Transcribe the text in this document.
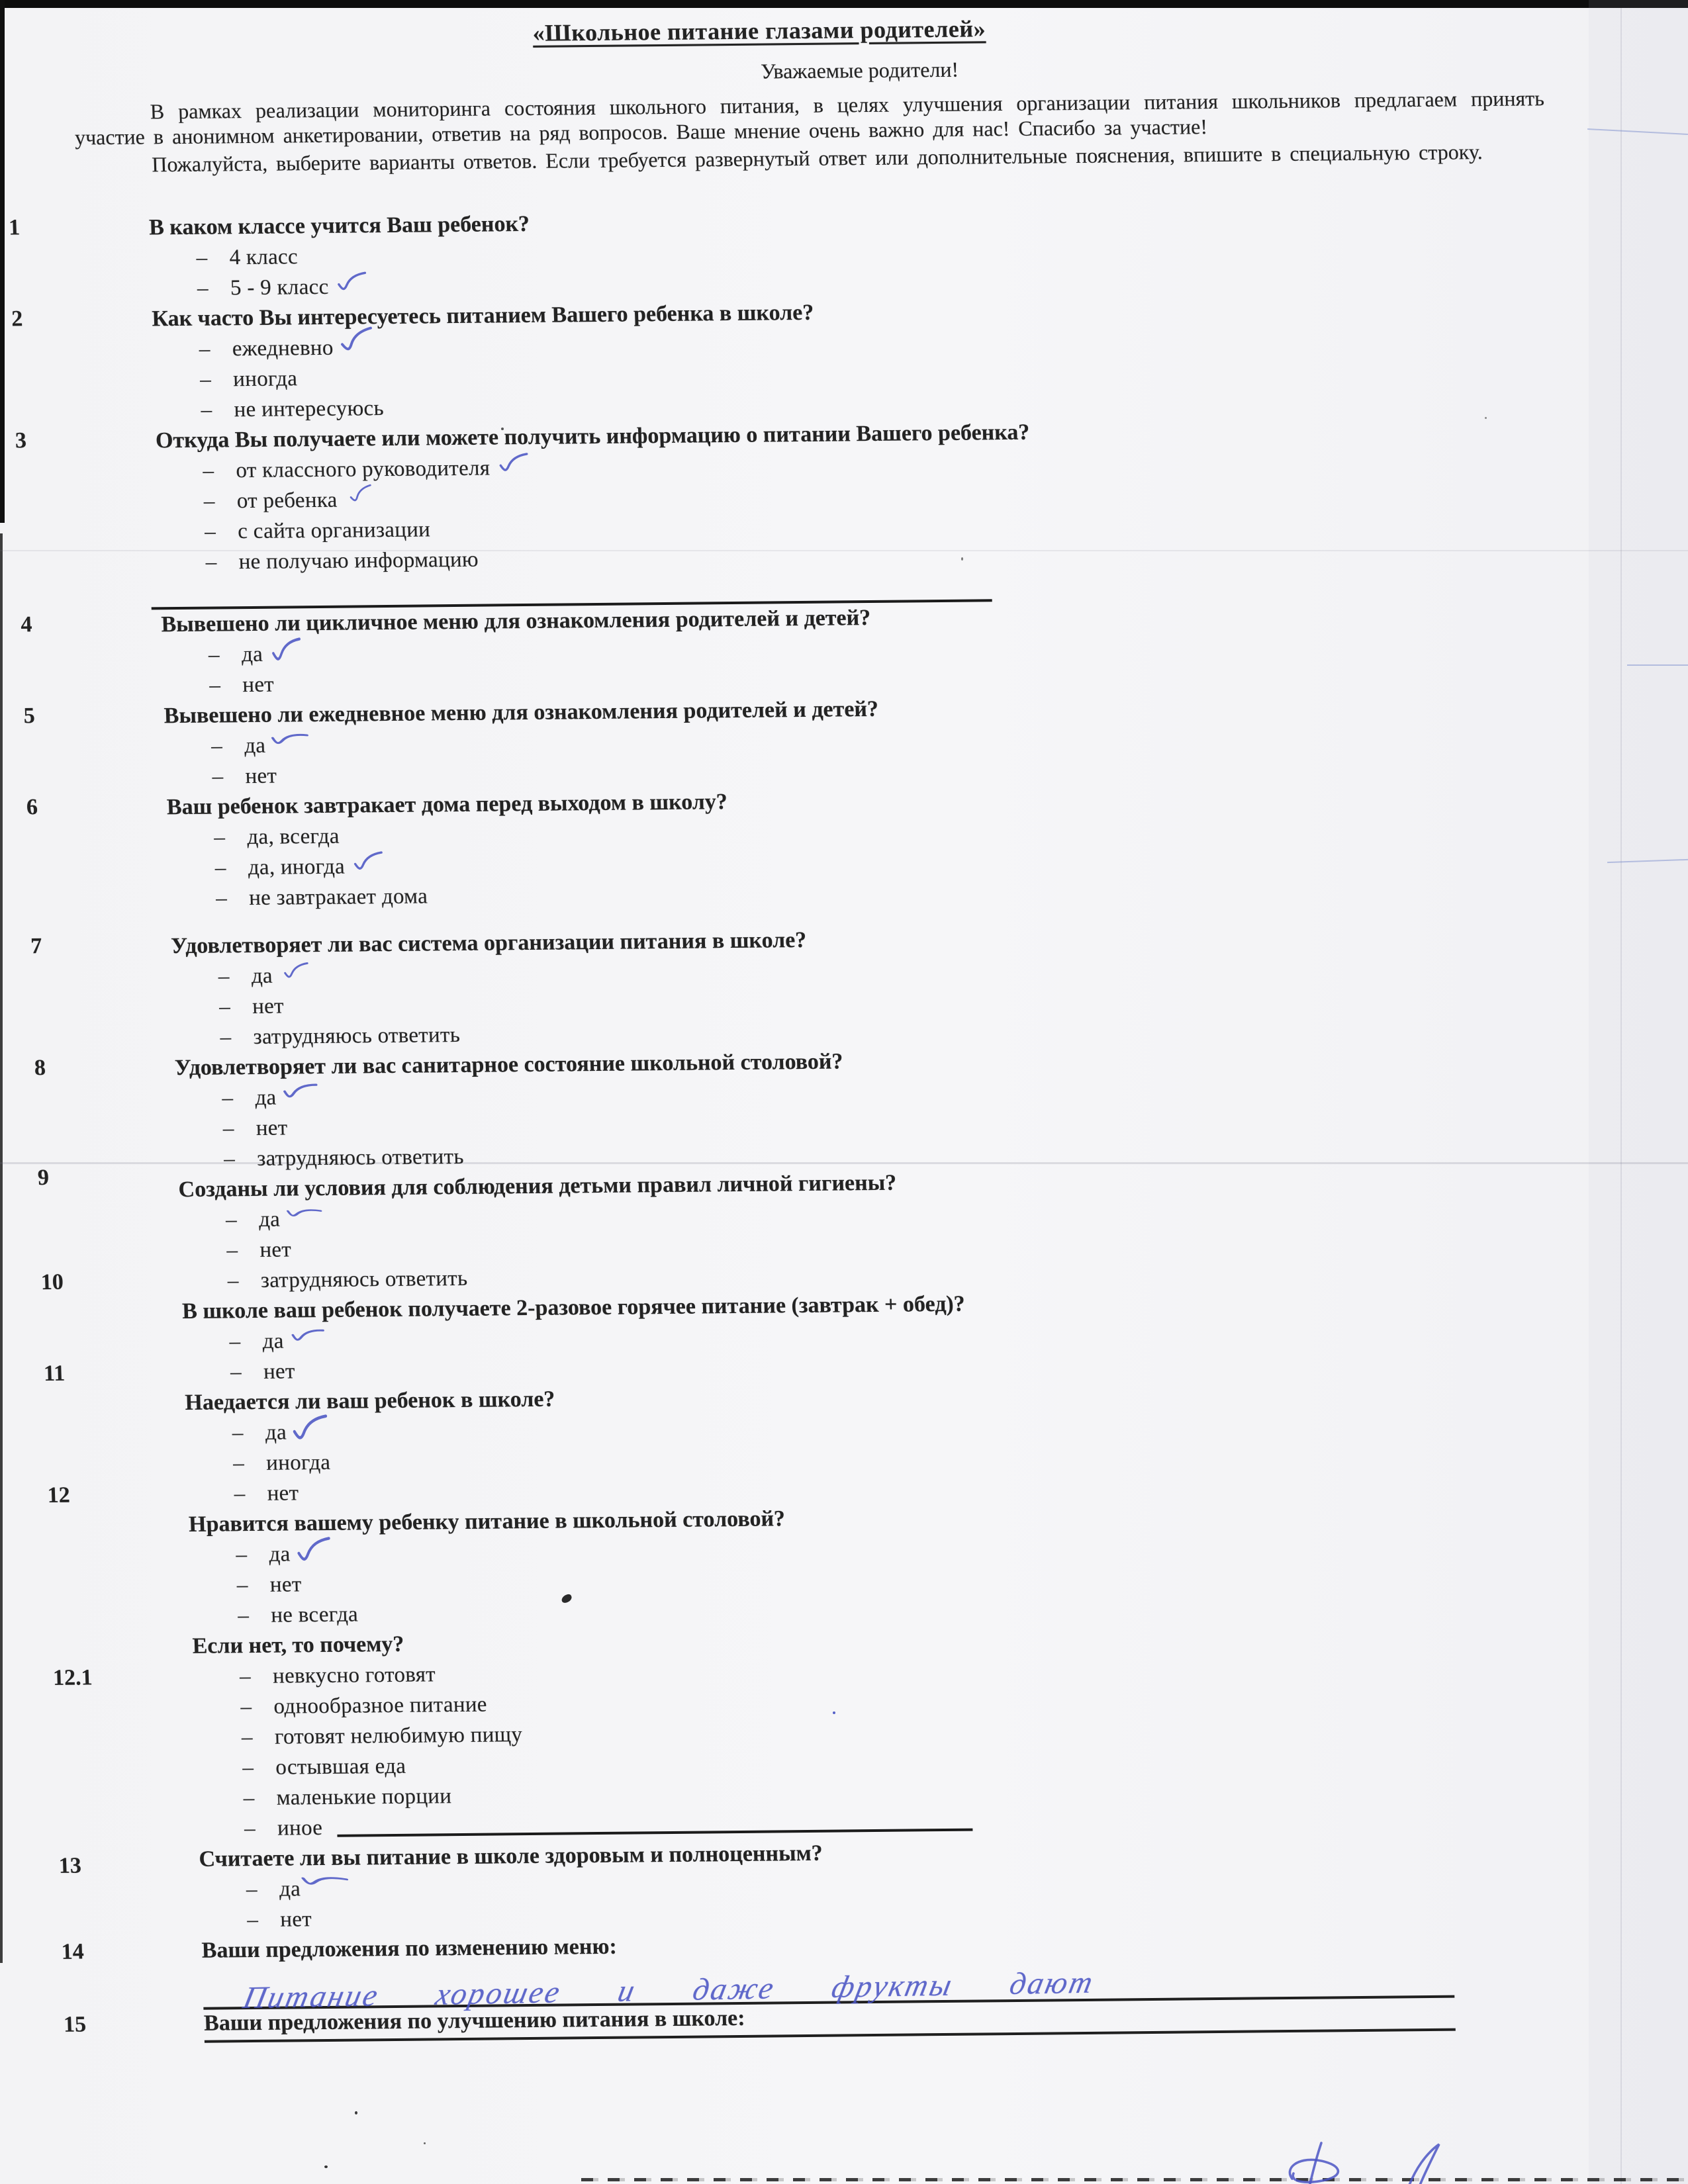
«Школьное питание глазами родителей»

Уважаемые родители!

В рамках реализации мониторинга состояния школьного питания, в целях улучшения организации питания школьников предлагаем принять участие в анонимном анкетировании, ответив на ряд вопросов. Ваше мнение очень важно для нас! Спасибо за участие!

Пожалуйста, выберите варианты ответов. Если требуется развернутый ответ или дополнительные пояснения, впишите в специальную строку.

1	В каком классе учится Ваш ребенок?
– 4 класс
– 5 - 9 класс
2	Как часто Вы интересуетесь питанием Вашего ребенка в школе?
– ежедневно
– иногда
– не интересуюсь
3	Откуда Вы получаете или можете получить информацию о питании Вашего ребенка?
– от классного руководителя
– от ребенка
– с сайта организации
– не получаю информацию
4	Вывешено ли цикличное меню для ознакомления родителей и детей?
– да
– нет
5	Вывешено ли ежедневное меню для ознакомления родителей и детей?
– да
– нет
6	Ваш ребенок завтракает дома перед выходом в школу?
– да, всегда
– да, иногда
– не завтракает дома
7	Удовлетворяет ли вас система организации питания в школе?
– да
– нет
– затрудняюсь ответить
8	Удовлетворяет ли вас санитарное состояние школьной столовой?
– да
– нет
– затрудняюсь ответить
9	Созданы ли условия для соблюдения детьми правил личной гигиены?
– да
– нет
– затрудняюсь ответить
10
В школе ваш ребенок получаете 2-разовое горячее питание (завтрак + обед)?
– да
– нет
11
Наедается ли ваш ребенок в школе?
– да
– иногда
– нет
12
Нравится вашему ребенку питание в школьной столовой?
– да
– нет
– не всегда
12.1
Если нет, то почему?
– невкусно готовят
– однообразное питание
– готовят нелюбимую пищу
– остывшая еда
– маленькие порции
– иное
13	Считаете ли вы питание в школе здоровым и полноценным?
– да
– нет
14	Ваши предложения по изменению меню:
Питание хорошее и даже фрукты дают
15	Ваши предложения по улучшению питания в школе:
